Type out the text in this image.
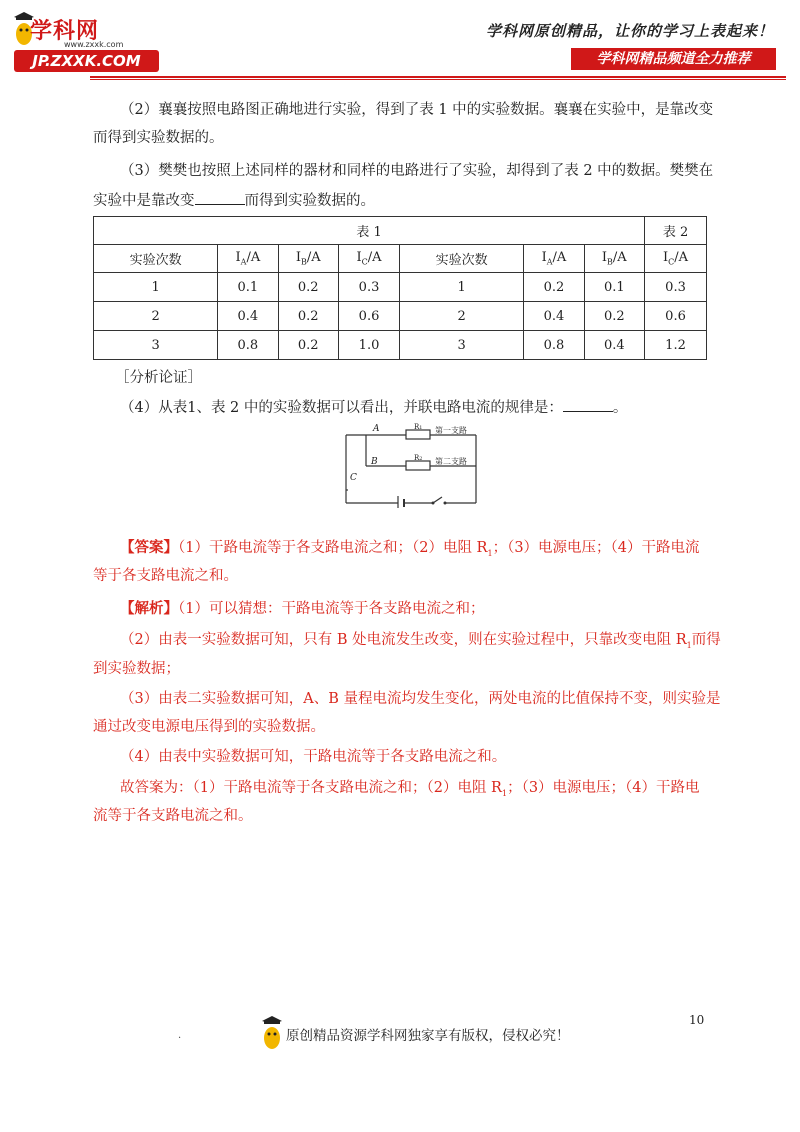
学科网
www.zxxk.com
JP.ZXXK.COM
学科网原创精品，让你的学习上表起来！
学科网精品频道全力推荐
（2）襄襄按照电路图正确地进行实验，得到了表 1 中的实验数据。襄襄在实验中，是靠改变
而得到实验数据的。
（3）樊樊也按照上述同样的器材和同样的电路进行了实验，却得到了表 2 中的数据。樊樊在
实验中是靠改变	而得到实验数据的。
表 1							表 2
实验次数	$I_A/A$	$I_B/A$	$I_C/A$	实验次数	$I_A/A$	$I_B/A$	$I_C/A$
1	0.1	0.2	0.3	1	0.2	0.1	0.3
2	0.4	0.2	0.6	2	0.4	0.2	0.6
3	0.8	0.2	1.0	3	0.8	0.4	1.2
［分析论证］
（4）从表1、表 2 中的实验数据可以看出，并联电路电流的规律是：	。
A
B
C
R1
R2
第一支路
第二支路
【答案】（1）干路电流等于各支路电流之和；（2）电阻 $R_1$；（3）电源电压；（4）干路电流
等于各支路电流之和。
【解析】（1）可以猜想：干路电流等于各支路电流之和；
（2）由表一实验数据可知，只有 B 处电流发生改变，则在实验过程中，只靠改变电阻 $R_1$而得
到实验数据；
（3）由表二实验数据可知，A、B 量程电流均发生变化，两处电流的比值保持不变，则实验是
通过改变电源电压得到的实验数据。
（4）由表中实验数据可知，干路电流等于各支路电流之和。
故答案为：（1）干路电流等于各支路电流之和；（2）电阻 $R_1$；（3）电源电压；（4）干路电
流等于各支路电流之和。
10
.	原创精品资源学科网独家享有版权，侵权必究！
